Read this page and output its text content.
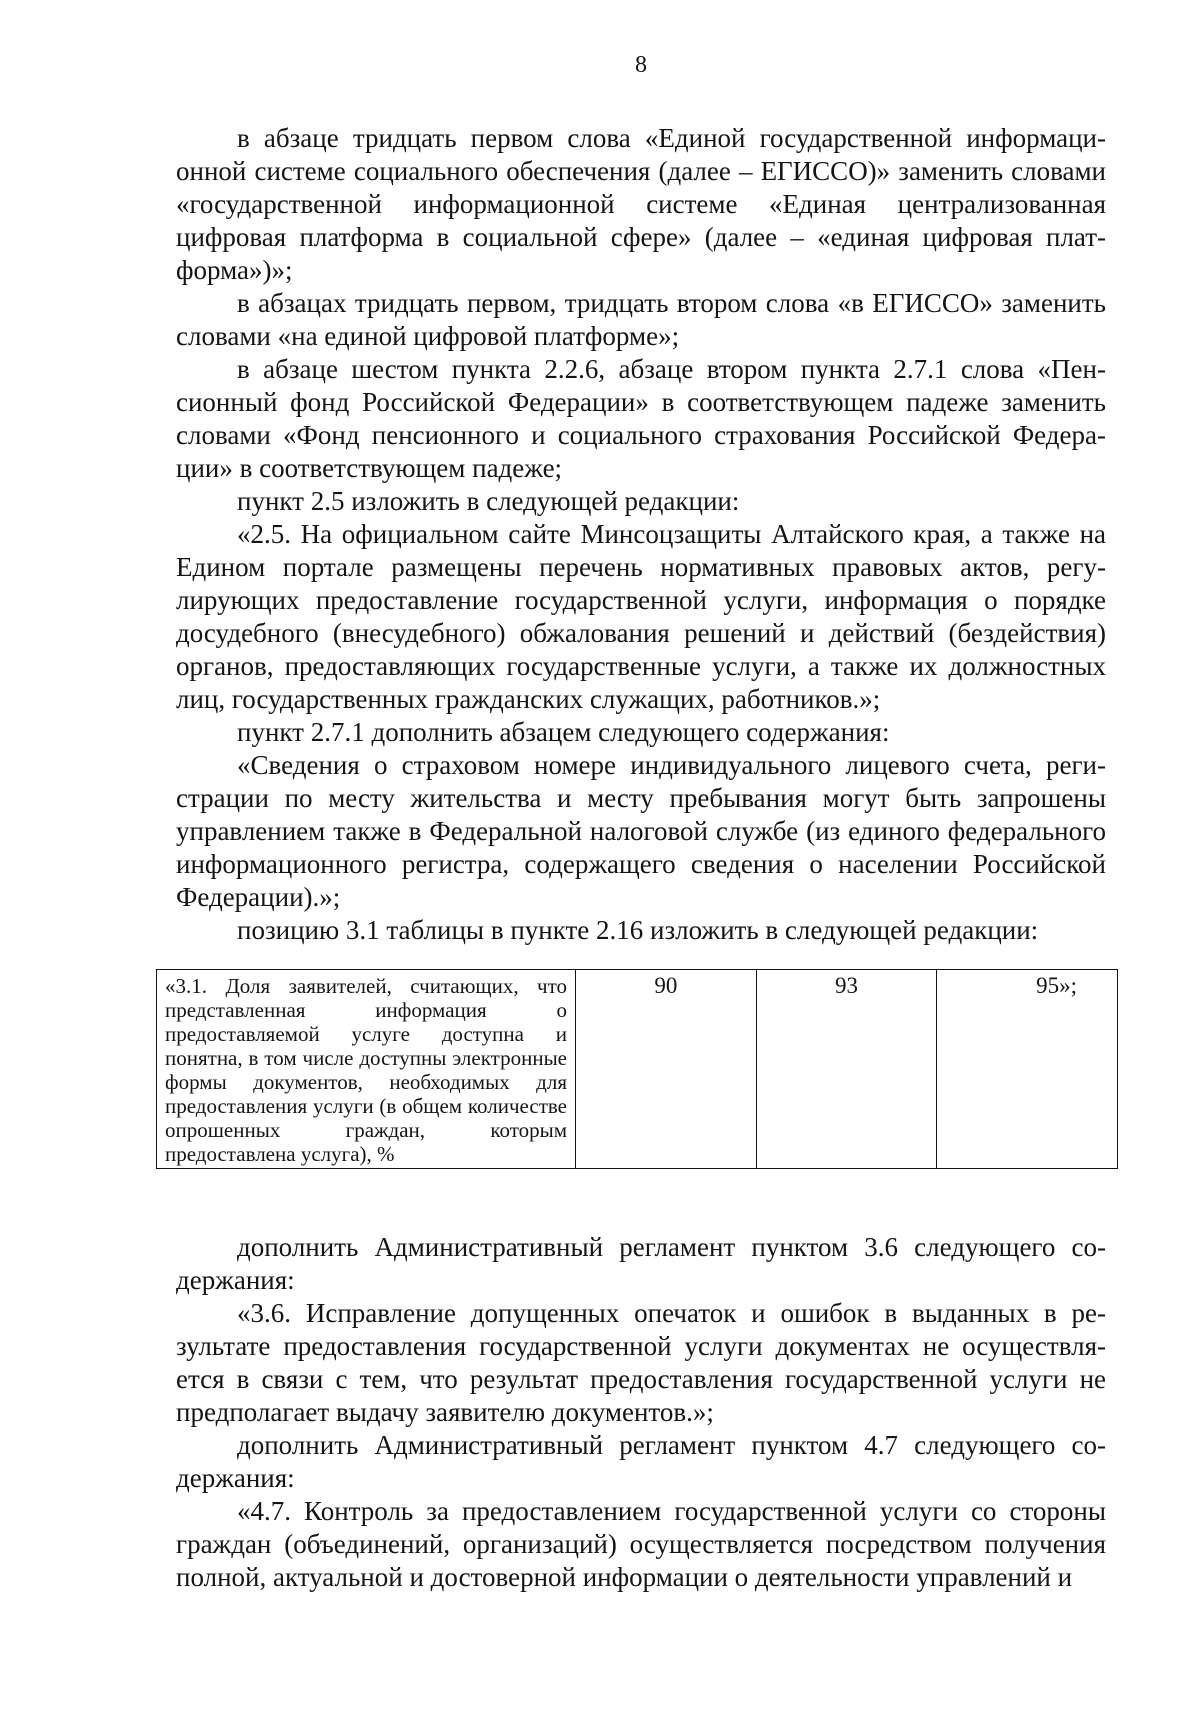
8

в абзаце тридцать первом слова «Единой государственной информационной системе социального обеспечения (далее – ЕГИССО)» заменить словами «государственной информационной системе «Единая централизованная цифровая платформа в социальной сфере» (далее – «единая цифровая платформа»)»;

в абзацах тридцать первом, тридцать втором слова «в ЕГИССО» заменить словами «на единой цифровой платформе»;

в абзаце шестом пункта 2.2.6, абзаце втором пункта 2.7.1 слова «Пенсионный фонд Российской Федерации» в соответствующем падеже заменить словами «Фонд пенсионного и социального страхования Российской Федерации» в соответствующем падеже;

пункт 2.5 изложить в следующей редакции:

«2.5. На официальном сайте Минсоцзащиты Алтайского края, а также на Едином портале размещены перечень нормативных правовых актов, регулирующих предоставление государственной услуги, информация о порядке досудебного (внесудебного) обжалования решений и действий (бездействия) органов, предоставляющих государственные услуги, а также их должностных лиц, государственных гражданских служащих, работников.»;

пункт 2.7.1 дополнить абзацем следующего содержания:

«Сведения о страховом номере индивидуального лицевого счета, регистрации по месту жительства и месту пребывания могут быть запрошены управлением также в Федеральной налоговой службе (из единого федерального информационного регистра, содержащего сведения о населении Российской Федерации).»;

позицию 3.1 таблицы в пункте 2.16 изложить в следующей редакции:

«3.1. Доля заявителей, считающих, что представленная информация о предоставляемой услуге доступна и понятна, в том числе доступны электронные формы документов, необходимых для предоставления услуги (в общем количестве опрошенных граждан, которым предоставлена услуга), %	90	93	95»;

дополнить Административный регламент пунктом 3.6 следующего содержания:

«3.6. Исправление допущенных опечаток и ошибок в выданных в результате предоставления государственной услуги документах не осуществляется в связи с тем, что результат предоставления государственной услуги не предполагает выдачу заявителю документов.»;

дополнить Административный регламент пунктом 4.7 следующего содержания:

«4.7. Контроль за предоставлением государственной услуги со стороны граждан (объединений, организаций) осуществляется посредством получения полной, актуальной и достоверной информации о деятельности управлений и
